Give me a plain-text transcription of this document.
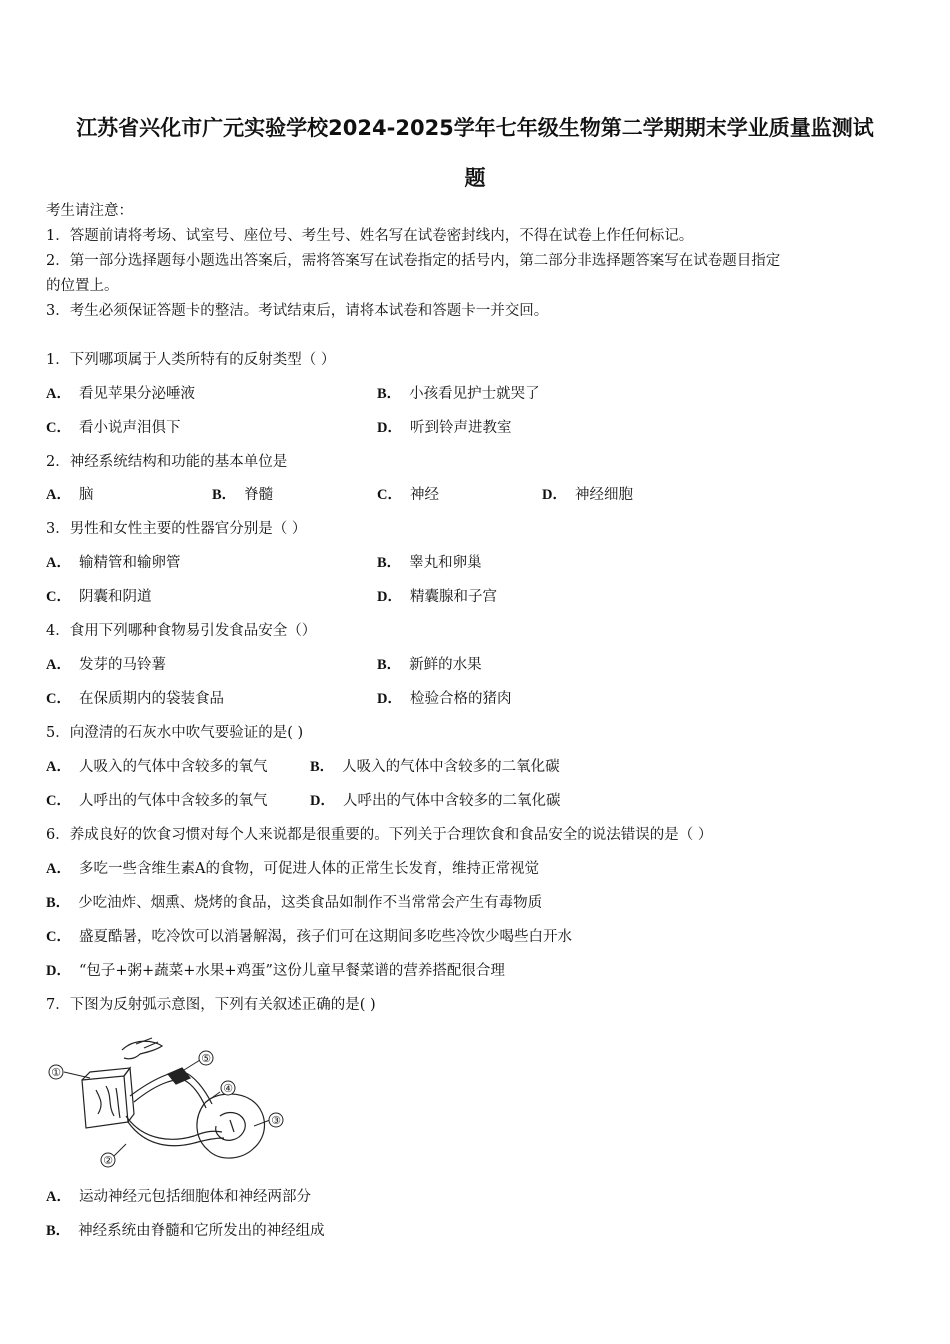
江苏省兴化市广元实验学校2024-2025学年七年级生物第二学期期末学业质量监测试
题
考生请注意：
1．答题前请将考场、试室号、座位号、考生号、姓名写在试卷密封线内，不得在试卷上作任何标记。
2．第一部分选择题每小题选出答案后，需将答案写在试卷指定的括号内，第二部分非选择题答案写在试卷题目指定
的位置上。
3．考生必须保证答题卡的整洁。考试结束后，请将本试卷和答题卡一并交回。
1．下列哪项属于人类所特有的反射类型（ ）
A． 看见苹果分泌唾液	B． 小孩看见护士就哭了
C． 看小说声泪俱下	D． 听到铃声进教室
2．神经系统结构和功能的基本单位是
A． 脑	B． 脊髓	C． 神经	D． 神经细胞
3．男性和女性主要的性器官分别是（ ）
A． 输精管和输卵管	B． 睾丸和卵巢
C． 阴囊和阴道	D． 精囊腺和子宫
4．食用下列哪种食物易引发食品安全（）
A． 发芽的马铃薯	B． 新鲜的水果
C． 在保质期内的袋装食品	D． 检验合格的猪肉
5．向澄清的石灰水中吹气要验证的是( )
A． 人吸入的气体中含较多的氧气	B． 人吸入的气体中含较多的二氧化碳
C． 人呼出的气体中含较多的氧气	D． 人呼出的气体中含较多的二氧化碳
6．养成良好的饮食习惯对每个人来说都是很重要的。下列关于合理饮食和食品安全的说法错误的是（ ）
A． 多吃一些含维生素A的食物，可促进人体的正常生长发育，维持正常视觉
B． 少吃油炸、烟熏、烧烤的食品，这类食品如制作不当常常会产生有毒物质
C． 盛夏酷暑，吃冷饮可以消暑解渴，孩子们可在这期间多吃些冷饮少喝些白开水
D． “包子+粥+蔬菜+水果+鸡蛋”这份儿童早餐菜谱的营养搭配很合理
7．下图为反射弧示意图，下列有关叙述正确的是( )
①
②
③
④
⑤
A． 运动神经元包括细胞体和神经两部分
B． 神经系统由脊髓和它所发出的神经组成
